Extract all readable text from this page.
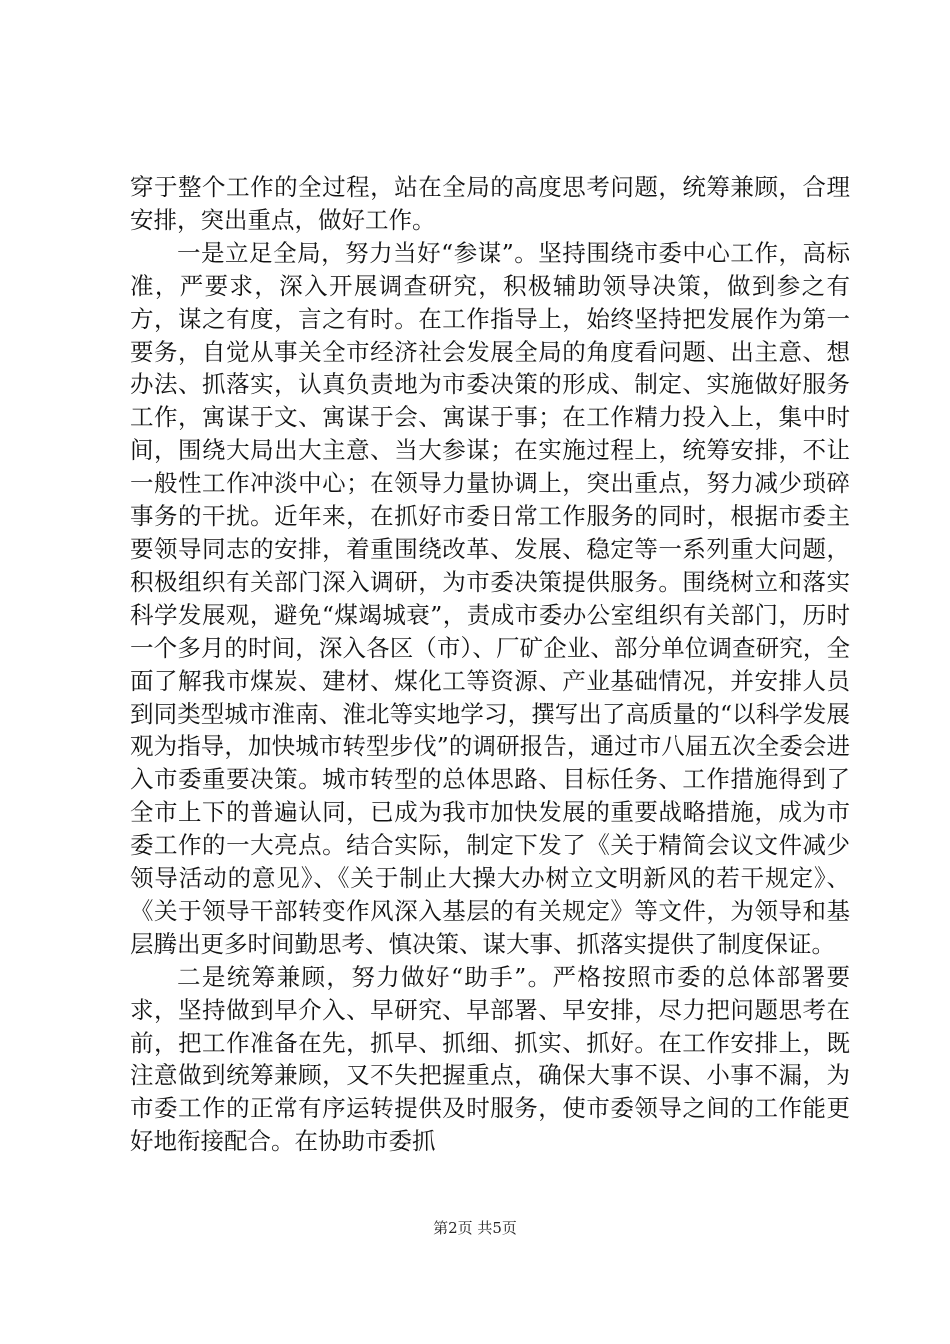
穿于整个工作的全过程，站在全局的高度思考问题，统筹兼顾，合理安排，突出重点，做好工作。

一是立足全局，努力当好“参谋”。坚持围绕市委中心工作，高标准，严要求，深入开展调查研究，积极辅助领导决策，做到参之有方，谋之有度，言之有时。在工作指导上，始终坚持把发展作为第一要务，自觉从事关全市经济社会发展全局的角度看问题、出主意、想办法、抓落实，认真负责地为市委决策的形成、制定、实施做好服务工作，寓谋于文、寓谋于会、寓谋于事；在工作精力投入上，集中时间，围绕大局出大主意、当大参谋；在实施过程上，统筹安排，不让一般性工作冲淡中心；在领导力量协调上，突出重点，努力减少琐碎事务的干扰。近年来，在抓好市委日常工作服务的同时，根据市委主要领导同志的安排，着重围绕改革、发展、稳定等一系列重大问题，积极组织有关部门深入调研，为市委决策提供服务。围绕树立和落实科学发展观，避免“煤竭城衰”，责成市委办公室组织有关部门，历时一个多月的时间，深入各区（市）、厂矿企业、部分单位调查研究，全面了解我市煤炭、建材、煤化工等资源、产业基础情况，并安排人员到同类型城市淮南、淮北等实地学习，撰写出了高质量的“以科学发展观为指导，加快城市转型步伐”的调研报告，通过市八届五次全委会进入市委重要决策。城市转型的总体思路、目标任务、工作措施得到了全市上下的普遍认同，已成为我市加快发展的重要战略措施，成为市委工作的一大亮点。结合实际，制定下发了《关于精简会议文件减少领导活动的意见》、《关于制止大操大办树立文明新风的若干规定》、《关于领导干部转变作风深入基层的有关规定》等文件，为领导和基层腾出更多时间勤思考、慎决策、谋大事、抓落实提供了制度保证。

二是统筹兼顾，努力做好“助手”。严格按照市委的总体部署要求，坚持做到早介入、早研究、早部署、早安排，尽力把问题思考在前，把工作准备在先，抓早、抓细、抓实、抓好。在工作安排上，既注意做到统筹兼顾，又不失把握重点，确保大事不误、小事不漏，为市委工作的正常有序运转提供及时服务，使市委领导之间的工作能更好地衔接配合。在协助市委抓

第2页 共5页
